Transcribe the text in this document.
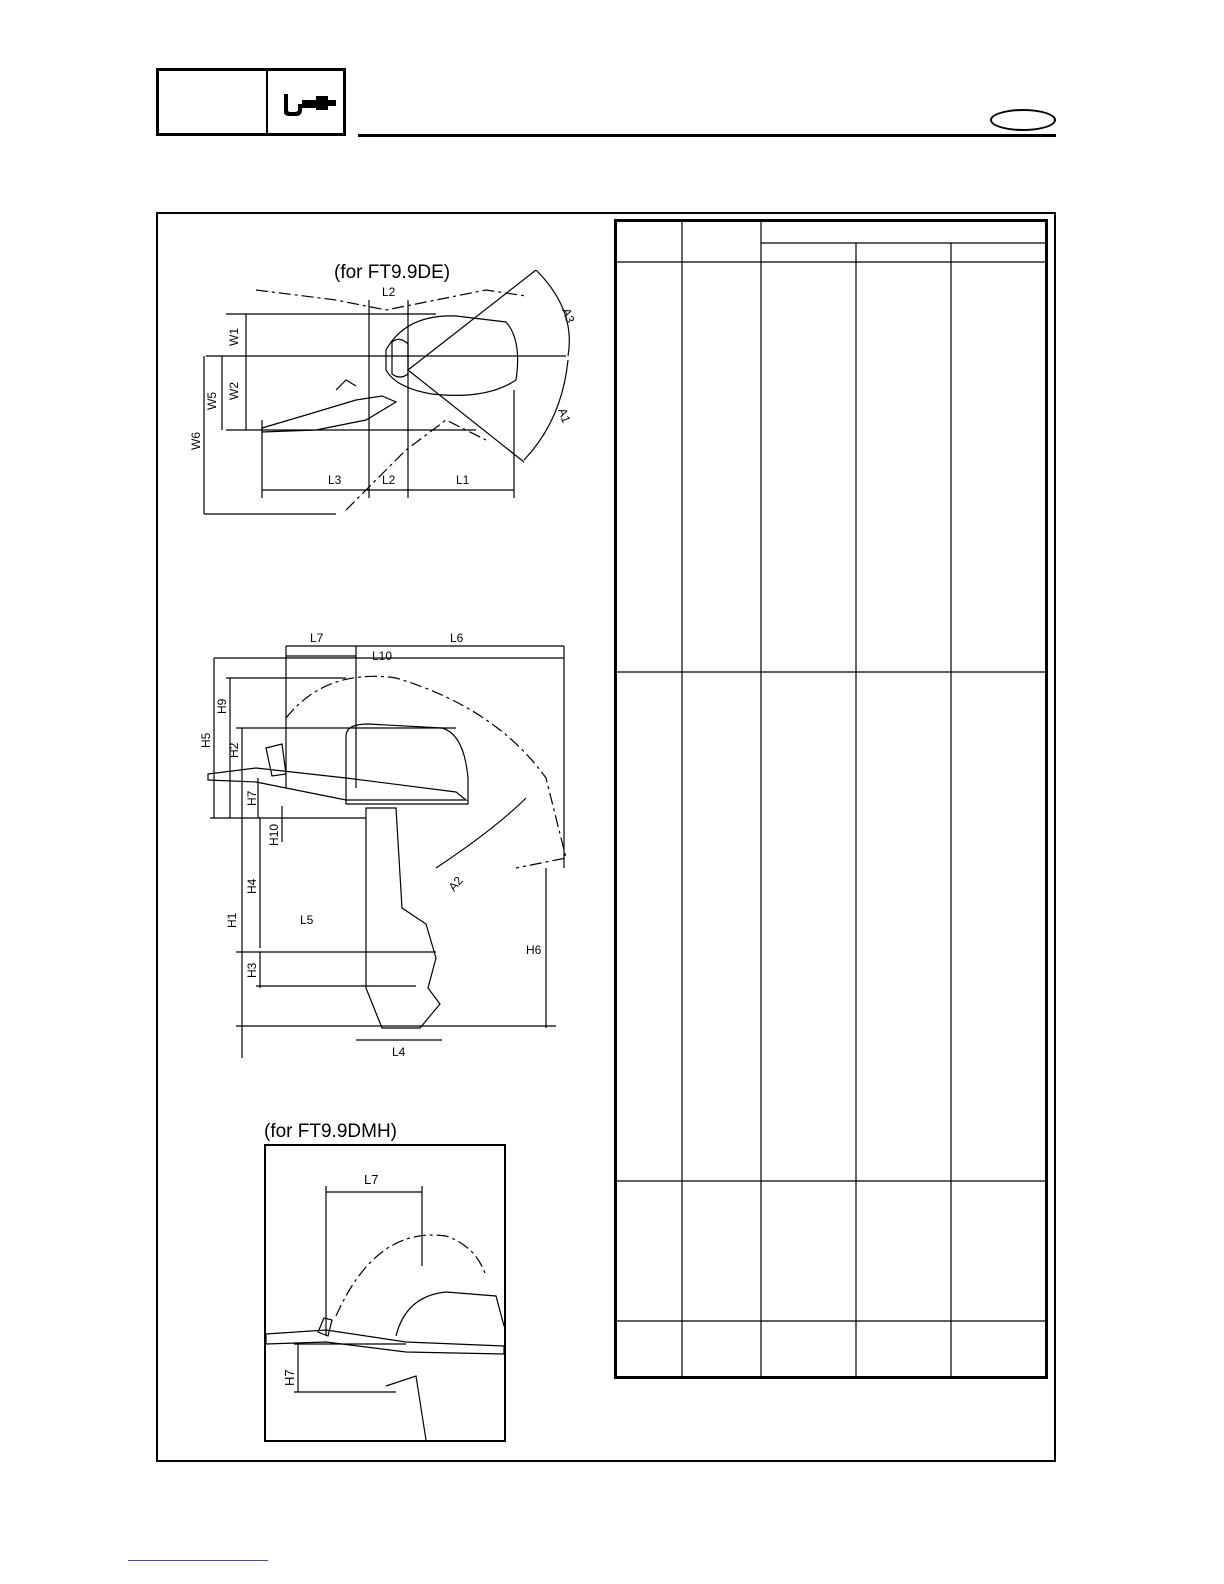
(for FT9.9DE)
L2
W1
W2
W5
W6
L3	L2	L1
A3
A1
L7	L6
L10
H9
H5
H2
H7
H10
H4
H1	L5
H3
H6
A2
L4
(for FT9.9DMH)
L7
H7
